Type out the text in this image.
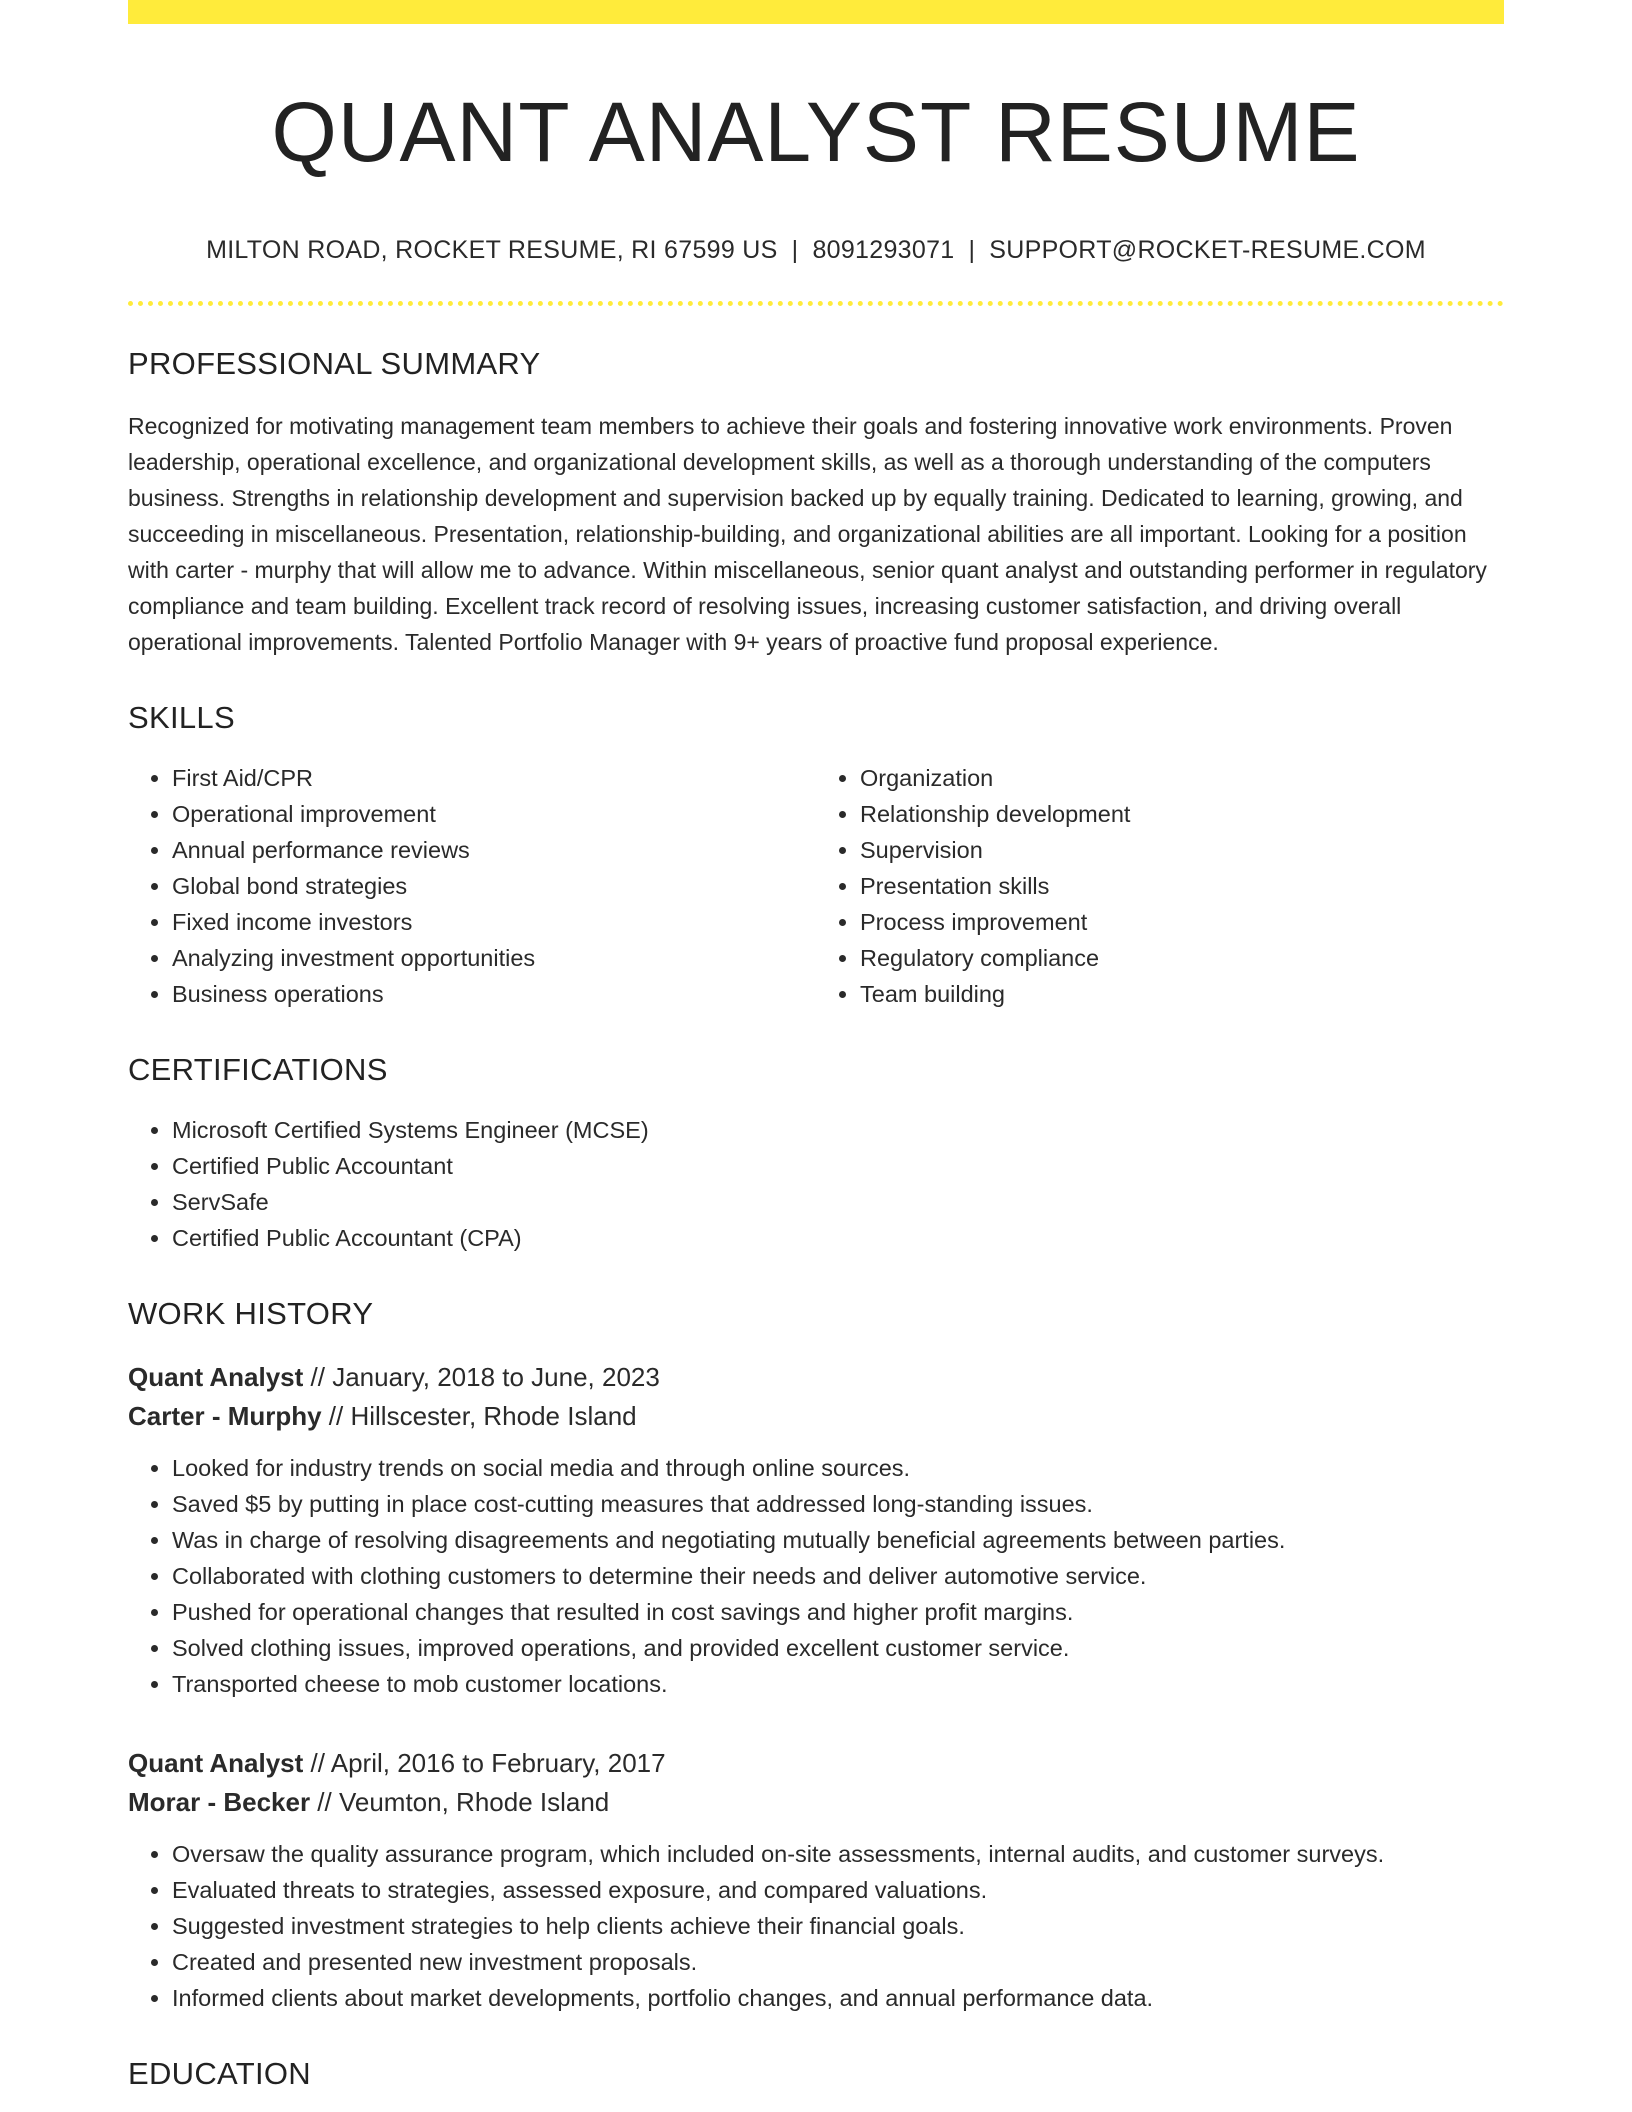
QUANT ANALYST RESUME
MILTON ROAD, ROCKET RESUME, RI 67599 US | 8091293071 | SUPPORT@ROCKET-RESUME.COM
PROFESSIONAL SUMMARY
Recognized for motivating management team members to achieve their goals and fostering innovative work environments. Proven leadership, operational excellence, and organizational development skills, as well as a thorough understanding of the computers business. Strengths in relationship development and supervision backed up by equally training. Dedicated to learning, growing, and succeeding in miscellaneous. Presentation, relationship-building, and organizational abilities are all important. Looking for a position with carter - murphy that will allow me to advance. Within miscellaneous, senior quant analyst and outstanding performer in regulatory compliance and team building. Excellent track record of resolving issues, increasing customer satisfaction, and driving overall operational improvements. Talented Portfolio Manager with 9+ years of proactive fund proposal experience.
SKILLS
• First Aid/CPR
• Operational improvement
• Annual performance reviews
• Global bond strategies
• Fixed income investors
• Analyzing investment opportunities
• Business operations
• Organization
• Relationship development
• Supervision
• Presentation skills
• Process improvement
• Regulatory compliance
• Team building
CERTIFICATIONS
• Microsoft Certified Systems Engineer (MCSE)
• Certified Public Accountant
• ServSafe
• Certified Public Accountant (CPA)
WORK HISTORY
Quant Analyst // January, 2018 to June, 2023
Carter - Murphy // Hillscester, Rhode Island
• Looked for industry trends on social media and through online sources.
• Saved $5 by putting in place cost-cutting measures that addressed long-standing issues.
• Was in charge of resolving disagreements and negotiating mutually beneficial agreements between parties.
• Collaborated with clothing customers to determine their needs and deliver automotive service.
• Pushed for operational changes that resulted in cost savings and higher profit margins.
• Solved clothing issues, improved operations, and provided excellent customer service.
• Transported cheese to mob customer locations.
Quant Analyst // April, 2016 to February, 2017
Morar - Becker // Veumton, Rhode Island
• Oversaw the quality assurance program, which included on-site assessments, internal audits, and customer surveys.
• Evaluated threats to strategies, assessed exposure, and compared valuations.
• Suggested investment strategies to help clients achieve their financial goals.
• Created and presented new investment proposals.
• Informed clients about market developments, portfolio changes, and annual performance data.
EDUCATION
